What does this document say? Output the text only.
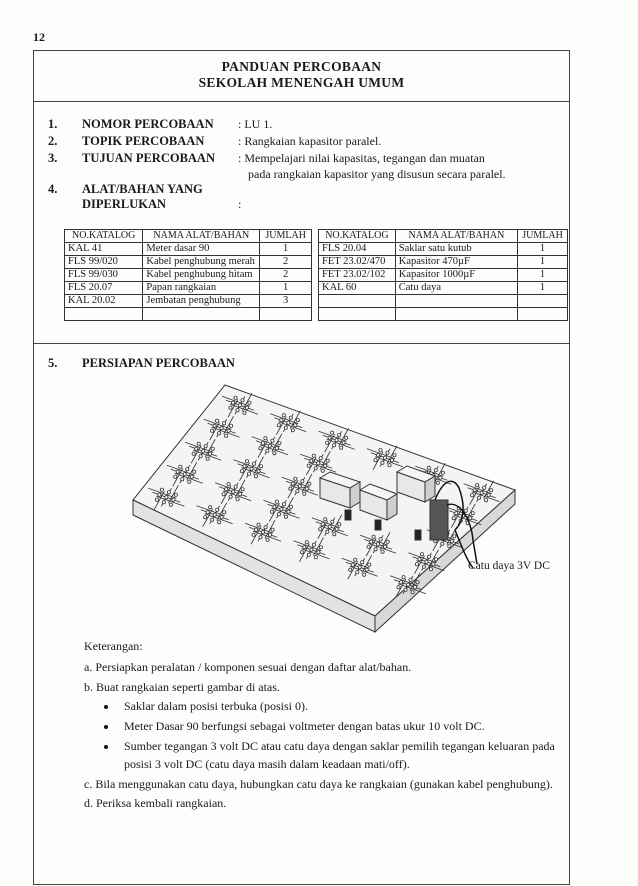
12
PANDUAN PERCOBAAN
SEKOLAH MENENGAH UMUM
1. NOMOR PERCOBAAN : LU 1.
2. TOPIK PERCOBAAN	: Rangkaian kapasitor paralel.
3. TUJUAN PERCOBAAN : Mempelajari nilai kapasitas, tegangan dan muatan
pada rangkaian kapasitor yang disusun secara paralel.
4. ALAT/BAHAN YANG
DIPERLUKAN	:
NO.KATALOG	NAMA ALAT/BAHAN	JUMLAH
KAL 41	Meter dasar 90	1
FLS 99/020	Kabel penghubung merah	2
FLS 99/030	Kabel penghubung hitam	2
FLS 20.07	Papan rangkaian	1
KAL 20.02	Jembatan penghubung	3

NO.KATALOG	NAMA ALAT/BAHAN	JUMLAH
FLS 20.04	Saklar satu kutub	1
FET 23.02/470	Kapasitor 470µF	1
FET 23.02/102	Kapasitor 1000µF	1
KAL 60	Catu daya	1

5. PERSIAPAN PERCOBAAN
Catu daya 3V DC
Keterangan:
a. Persiapkan peralatan / komponen sesuai dengan daftar alat/bahan.
b. Buat rangkaian seperti gambar di atas.
Saklar dalam posisi terbuka (posisi 0).
Meter Dasar 90 berfungsi sebagai voltmeter dengan batas ukur 10 volt DC.
Sumber tegangan 3 volt DC atau catu daya dengan saklar pemilih tegangan keluaran pada
posisi 3 volt DC (catu daya masih dalam keadaan mati/off).
c. Bila menggunakan catu daya, hubungkan catu daya ke rangkaian (gunakan kabel penghubung).
d. Periksa kembali rangkaian.
